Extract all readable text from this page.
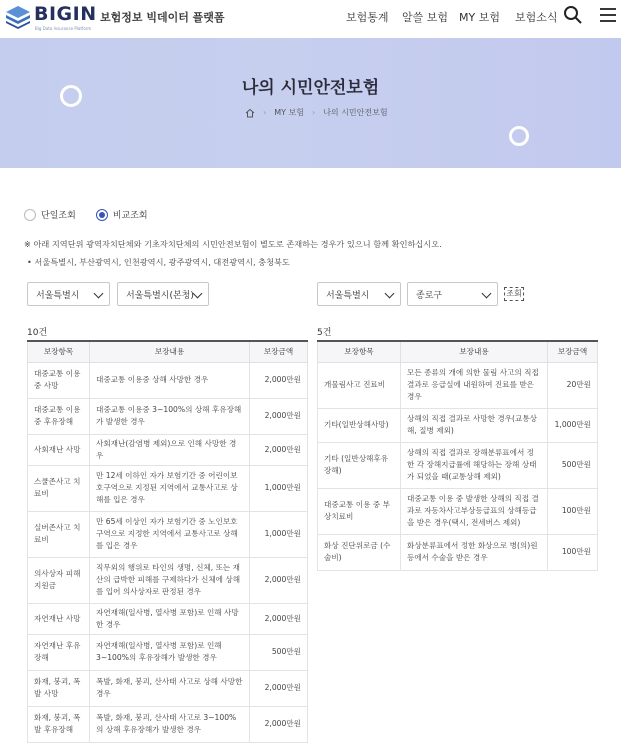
BIGIN
Big Data Insurance Platform
보험정보 빅데이터 플랫폼	보험통계 알쓸 보험 MY 보험 보험소식
나의 시민안전보험
› MY 보험 › 나의 시민안전보험
단일조회	비교조회
※ 아래 지역단위 광역자치단체와 기초자치단체의 시민안전보험이 별도로 존재하는 경우가 있으니 함께 확인하십시오.
• 서울특별시, 부산광역시, 인천광역시, 광주광역시, 대전광역시, 충청북도
서울특별시	서울특별시(본청)	서울특별시	종로구	조회
10건	5건
보장항목	보장내용	보장금액
대중교통 이용중 사망	대중교통 이용중 상해 사망한 경우	2,000만원
대중교통 이용중 후유장해	대중교통 이용중 3~100%의 상해 후유장해가 발생한 경우	2,000만원
사회재난 사망	사회재난(감염병 제외)으로 인해 사망한 경우	2,000만원
스쿨존사고 치료비	만 12세 이하인 자가 보험기간 중 어린이보호구역으로 지정된 지역에서 교통사고로 상해를 입은 경우	1,000만원
실버존사고 치료비	만 65세 이상인 자가 보험기간 중 노인보호구역으로 지정한 지역에서 교통사고로 상해를 입은 경우	1,000만원
의사상자 피해지원금	직무외의 행위로 타인의 생명, 신체, 또는 재산의 급박한 피해를 구제하다가 신체에 상해를 입어 의사상자로 판정된 경우	2,000만원
자연재난 사망	자연재해(일사병, 열사병 포함)로 인해 사망한 경우	2,000만원
자연재난 후유장해	자연재해(일사병, 열사병 포함)로 인해 3~100%의 후유장해가 발생한 경우	500만원
화재, 붕괴, 폭발 사망	폭발, 화재, 붕괴, 산사태 사고로 상해 사망한 경우	2,000만원
화재, 붕괴, 폭발 후유장해	폭발, 화재, 붕괴, 산사태 사고로 3~100%의 상해 후유장해가 발생한 경우	2,000만원
보장항목	보장내용	보장금액
개물림사고 진료비	모든 종류의 개에 의한 물림 사고의 직접 결과로 응급실에 내원하여 진료를 받은 경우	20만원
기타(일반상해사망)	상해의 직접 결과로 사망한 경우(교통상해, 질병 제외)	1,000만원
기타 (일반상해후유장해)	상해의 직접 결과로 장해분류표에서 정한 각 장해지급률에 해당하는 장해 상태가 되었을 때(교통상해 제외)	500만원
대중교통 이용 중 부상치료비	대중교통 이용 중 발생한 상해의 직접 결과로 자동차사고부상등급표의 상해등급을 받은 경우(택시, 전세버스 제외)	100만원
화상 진단위로금 (수술비)	화상분류표에서 정한 화상으로 병(의)원 등에서 수술을 받은 경우	100만원
